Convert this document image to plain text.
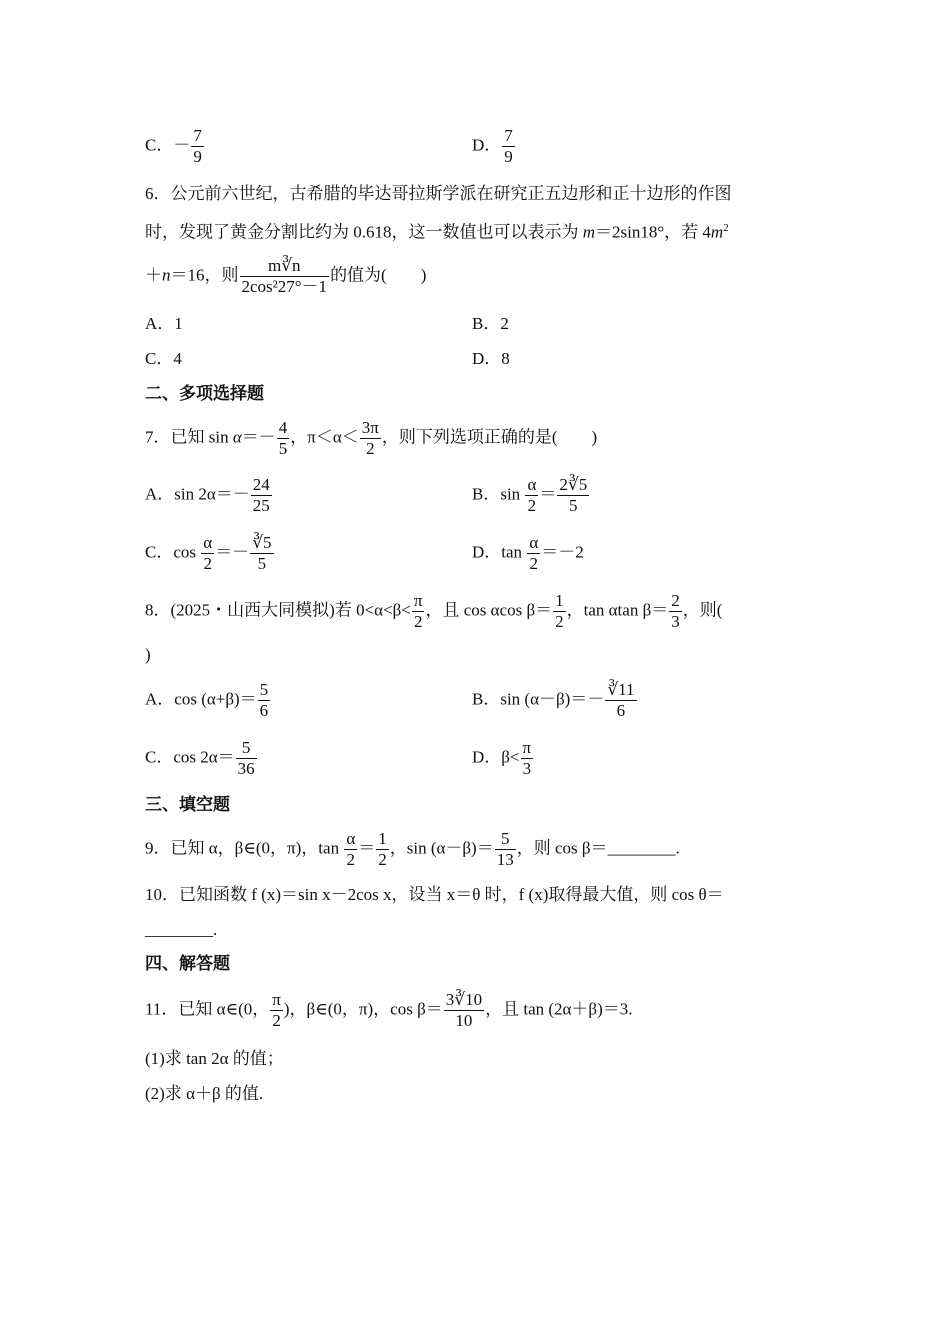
C．－ $\frac{7}{9}$	D． $\frac{7}{9}$
6．公元前六世纪，古希腊的毕达哥拉斯学派在研究正五边形和正十边形的作图
时，发现了黄金分割比约为 0.618，这一数值也可以表示为 m＝2sin18°，若 $4m^2$
＋n＝16，则 $\frac{m∛n}{\text{2cos²27°－1}}$ 的值为(　　)
A．1	B．2
C．4	D．8
二、多项选择题
7．已知 $\sin \alpha=- \frac{4}{5}$ ，$\pi<\alpha< \frac{3\pi}{2}$ ，则下列选项正确的是(　　)
A．$\sin 2\alpha=- \frac{24}{25}$	B．$\sin \frac{\alpha}{2} = \frac{2∛5}{5}$
C．$\cos \frac{\alpha}{2} =- \frac{∛5}{5}$	D．$\tan \frac{\alpha}{2} =-2$
8．(2025・山西大同模拟)若 $0<\alpha<\beta< \frac{\pi}{2}$ ，且 cos αcos $\beta= \frac{1}{2}$ ，tan αtan $\beta= \frac{2}{3}$ ，则(
)
A．$\cos (\alpha+\beta)= \frac{5}{6}$	B．$\sin (\alpha-\beta)=- \frac{∛11}{6}$
C．$\cos 2\alpha= \frac{5}{36}$	D．$\beta< \frac{\pi}{3}$
三、填空题
9．已知 α，β∈(0，π)，$\tan \frac{\alpha}{2} = \frac{1}{2}$ ，$\sin (\alpha-\beta)= \frac{5}{13}$ ，则 cos β＝________.
10．已知函数 f (x)＝sin x－2cos x，设当 x＝θ 时，f (x)取得最大值，则 cos θ＝
________.
四、解答题
11．已知 α∈(0， $\frac{\pi}{2}$ )，β∈(0，π)，$\cos \beta= \frac{3∛10}{10}$ ，且 tan (2α＋β)＝3.
(1)求 tan 2α 的值；
(2)求 α＋β 的值.
